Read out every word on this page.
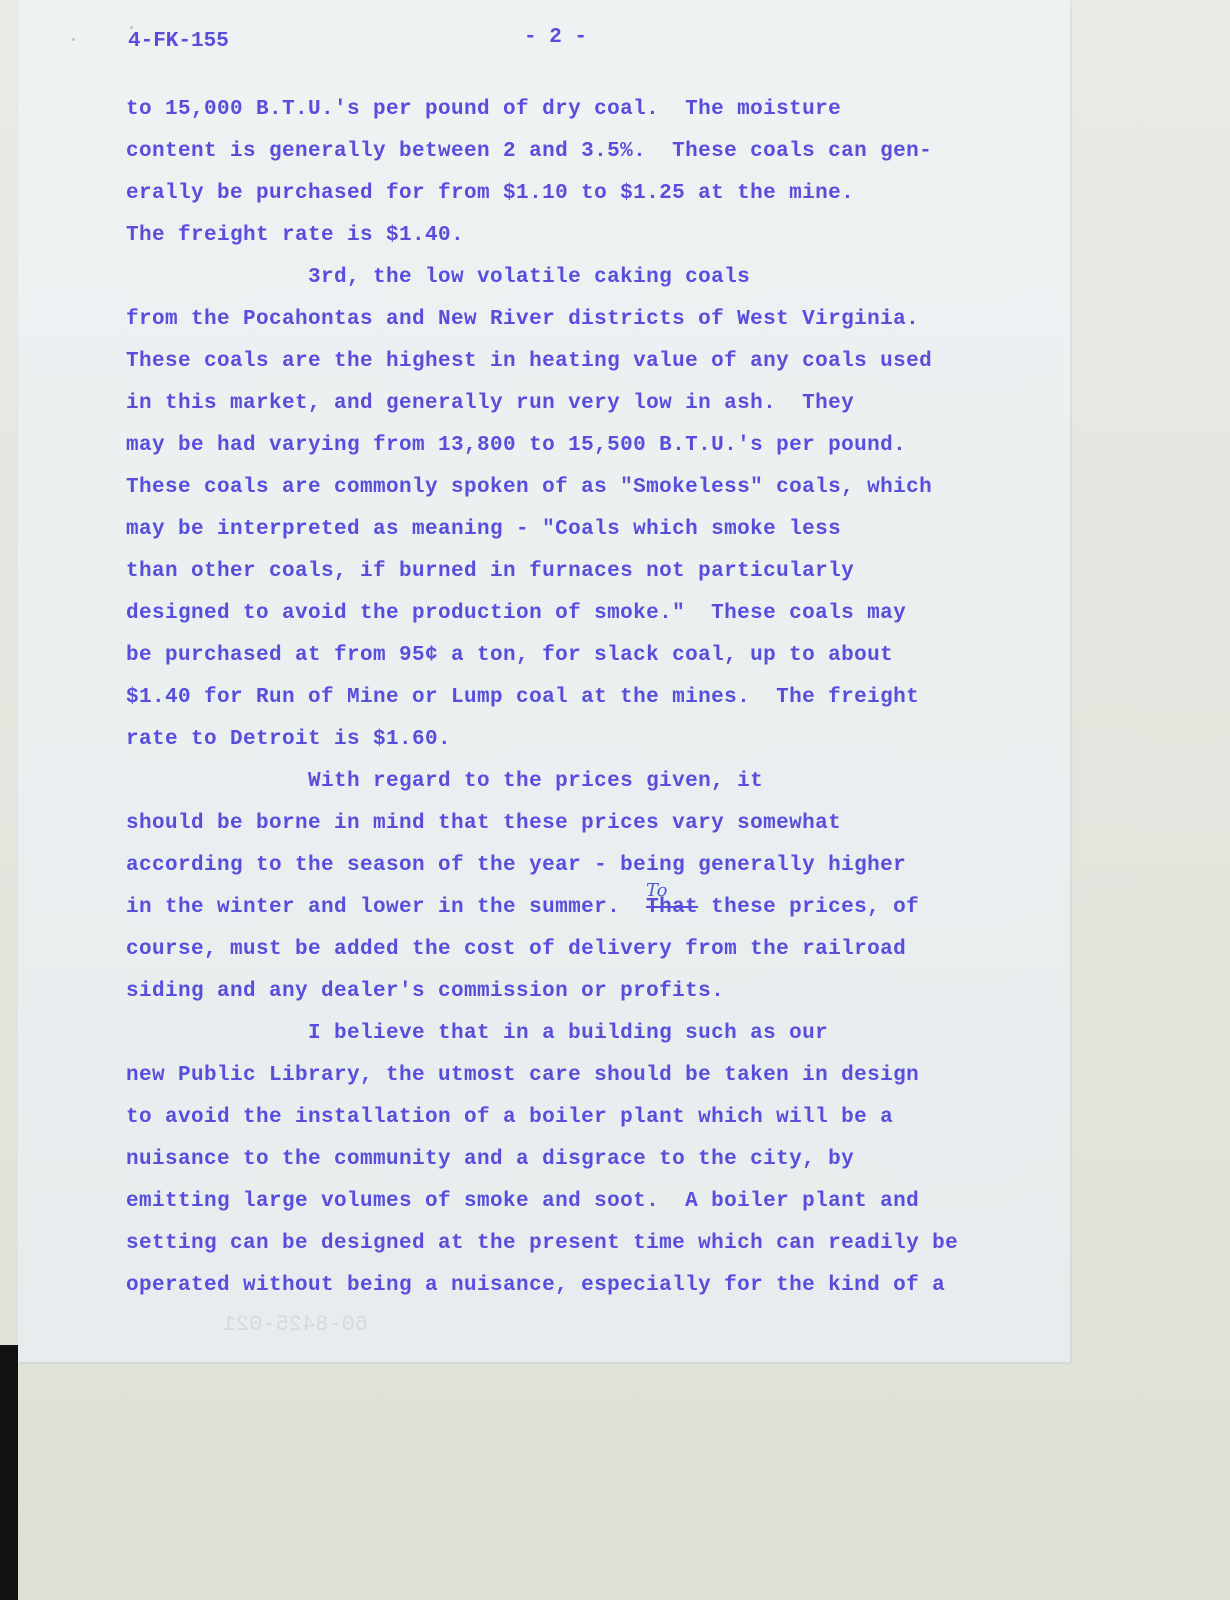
60-8425-021
4-FK-155	- 2 -
to 15,000 B.T.U.'s per pound of dry coal.  The moisture
content is generally between 2 and 3.5%.  These coals can gen-
erally be purchased for from $1.10 to $1.25 at the mine.
The freight rate is $1.40.
3rd, the low volatile caking coals
from the Pocahontas and New River districts of West Virginia.
These coals are the highest in heating value of any coals used
in this market, and generally run very low in ash.  They
may be had varying from 13,800 to 15,500 B.T.U.'s per pound.
These coals are commonly spoken of as "Smokeless" coals, which
may be interpreted as meaning - "Coals which smoke less
than other coals, if burned in furnaces not particularly
designed to avoid the production of smoke."  These coals may
be purchased at from 95¢ a ton, for slack coal, up to about
$1.40 for Run of Mine or Lump coal at the mines.  The freight
rate to Detroit is $1.60.
With regard to the prices given, it
should be borne in mind that these prices vary somewhat
according to the season of the year - being generally higher
in the winter and lower in the summer.  That these prices, of
course, must be added the cost of delivery from the railroad
siding and any dealer's commission or profits.
I believe that in a building such as our
new Public Library, the utmost care should be taken in design
to avoid the installation of a boiler plant which will be a
nuisance to the community and a disgrace to the city, by
emitting large volumes of smoke and soot.  A boiler plant and
setting can be designed at the present time which can readily be
operated without being a nuisance, especially for the kind of a
To
